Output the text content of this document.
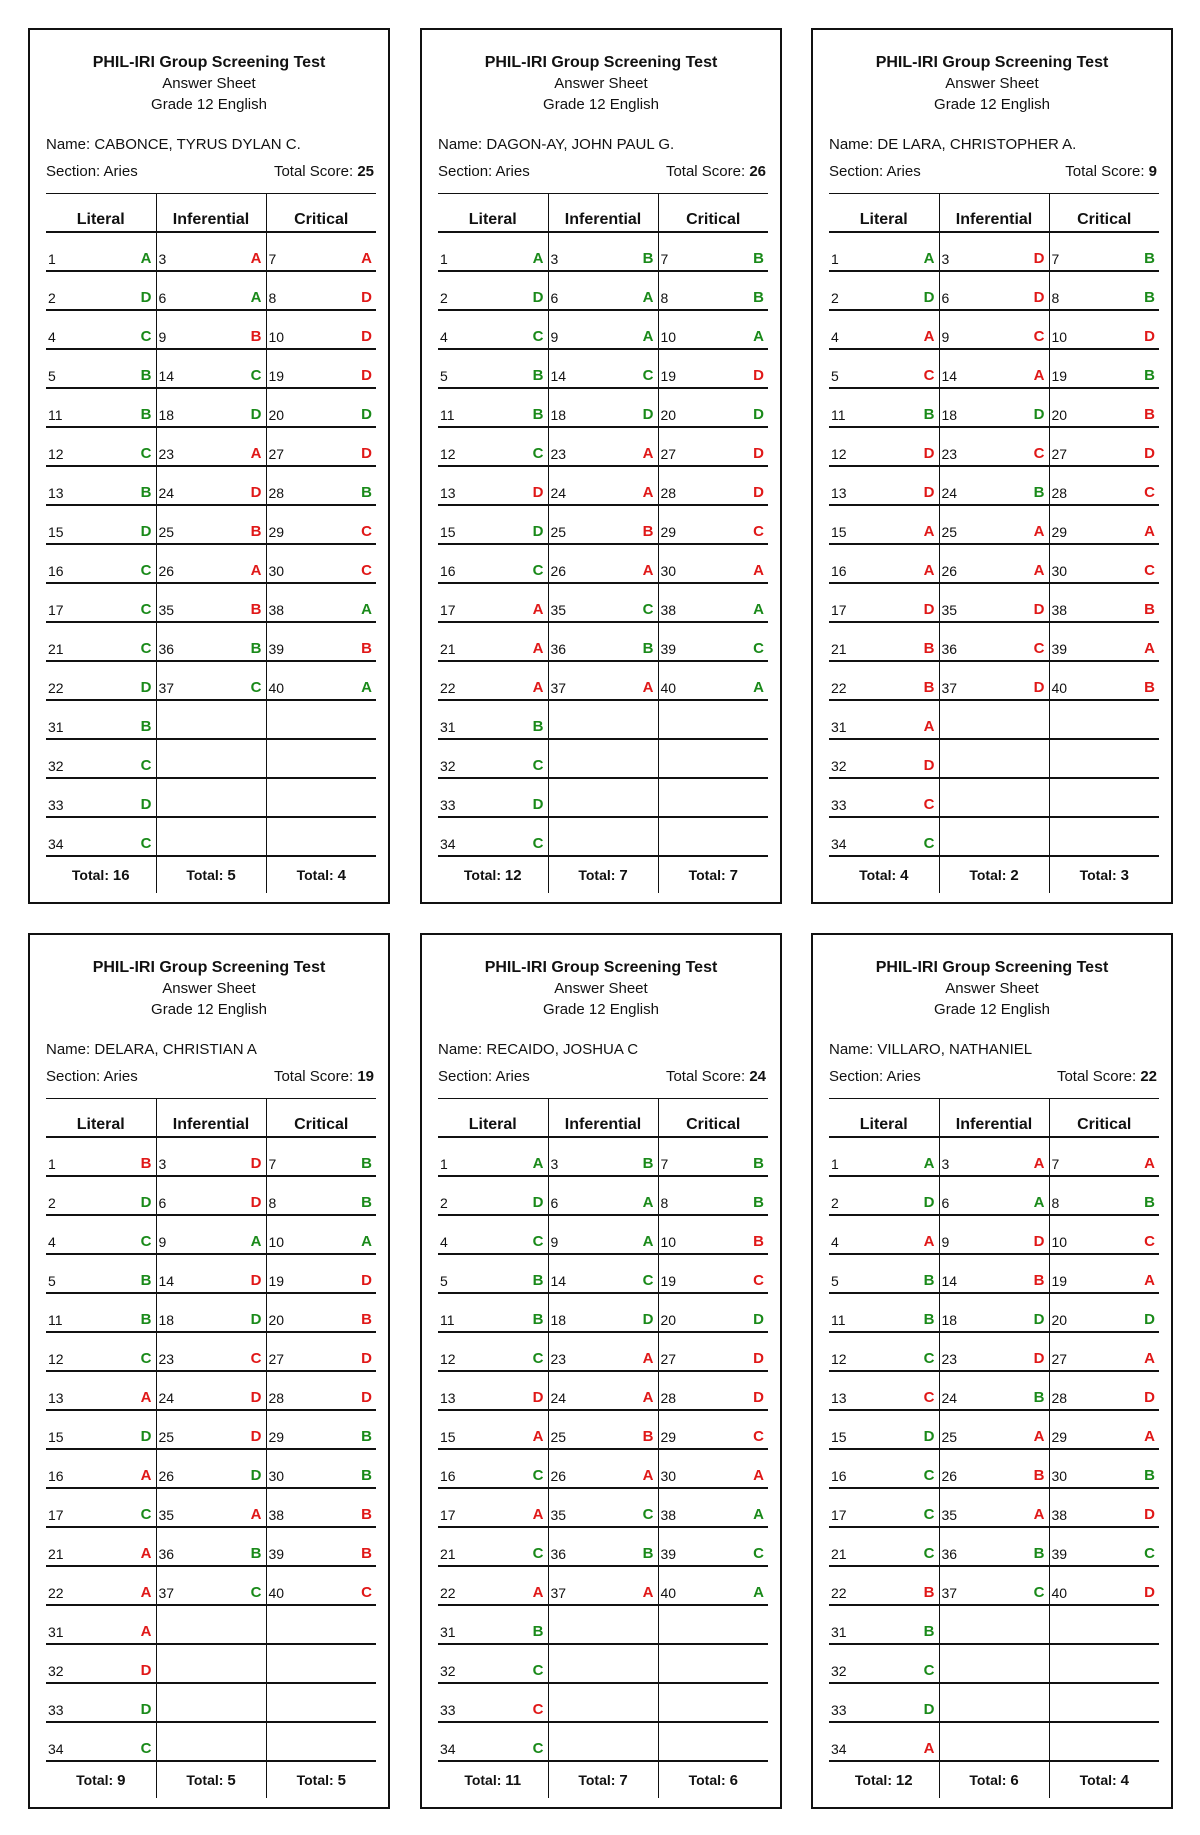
PHIL-IRI Group Screening Test
Answer Sheet
Grade 12 English
Name: CABONCE, TYRUS DYLAN C.
Section: Aries	Total Score: 25
Literal	Inferential	Critical

1 A	3 A	7 A

2 D	6 A	8 D

4 C	9 B	10 D

5 B	14 C	19 D

11 B	18 D	20 D

12 C	23 A	27 D

13 B	24 D	28 B

15 D	25 B	29 C

16 C	26 A	30 C

17 C	35 B	38 A

21 C	36 B	39 B

22 D	37 C	40 A

31 B		

32 C		

33 D		

34 C		

Total: 16	Total: 5	Total: 4
PHIL-IRI Group Screening Test
Answer Sheet
Grade 12 English
Name: DAGON-AY, JOHN PAUL G.
Section: Aries	Total Score: 26
Literal	Inferential	Critical

1 A	3 B	7 B

2 D	6 A	8 B

4 C	9 A	10 A

5 B	14 C	19 D

11 B	18 D	20 D

12 C	23 A	27 D

13 D	24 A	28 D

15 D	25 B	29 C

16 C	26 A	30 A

17 A	35 C	38 A

21 A	36 B	39 C

22 A	37 A	40 A

31 B		

32 C		

33 D		

34 C		

Total: 12	Total: 7	Total: 7
PHIL-IRI Group Screening Test
Answer Sheet
Grade 12 English
Name: DE LARA, CHRISTOPHER A.
Section: Aries	Total Score: 9
Literal	Inferential	Critical

1 A	3 D	7 B

2 D	6 D	8 B

4 A	9 C	10 D

5 C	14 A	19 B

11 B	18 D	20 B

12 D	23 C	27 D

13 D	24 B	28 C

15 A	25 A	29 A

16 A	26 A	30 C

17 D	35 D	38 B

21 B	36 C	39 A

22 B	37 D	40 B

31 A		

32 D		

33 C		

34 C		

Total: 4	Total: 2	Total: 3
PHIL-IRI Group Screening Test
Answer Sheet
Grade 12 English
Name: DELARA, CHRISTIAN A
Section: Aries	Total Score: 19
Literal	Inferential	Critical

1 B	3 D	7 B

2 D	6 D	8 B

4 C	9 A	10 A

5 B	14 D	19 D

11 B	18 D	20 B

12 C	23 C	27 D

13 A	24 D	28 D

15 D	25 D	29 B

16 A	26 D	30 B

17 C	35 A	38 B

21 A	36 B	39 B

22 A	37 C	40 C

31 A		

32 D		

33 D		

34 C		

Total: 9	Total: 5	Total: 5
PHIL-IRI Group Screening Test
Answer Sheet
Grade 12 English
Name: RECAIDO, JOSHUA C
Section: Aries	Total Score: 24
Literal	Inferential	Critical

1 A	3 B	7 B

2 D	6 A	8 B

4 C	9 A	10 B

5 B	14 C	19 C

11 B	18 D	20 D

12 C	23 A	27 D

13 D	24 A	28 D

15 A	25 B	29 C

16 C	26 A	30 A

17 A	35 C	38 A

21 C	36 B	39 C

22 A	37 A	40 A

31 B		

32 C		

33 C		

34 C		

Total: 11	Total: 7	Total: 6
PHIL-IRI Group Screening Test
Answer Sheet
Grade 12 English
Name: VILLARO, NATHANIEL
Section: Aries	Total Score: 22
Literal	Inferential	Critical

1 A	3 A	7 A

2 D	6 A	8 B

4 A	9 D	10 C

5 B	14 B	19 A

11 B	18 D	20 D

12 C	23 D	27 A

13 C	24 B	28 D

15 D	25 A	29 A

16 C	26 B	30 B

17 C	35 A	38 D

21 C	36 B	39 C

22 B	37 C	40 D

31 B		

32 C		

33 D		

34 A		

Total: 12	Total: 6	Total: 4
